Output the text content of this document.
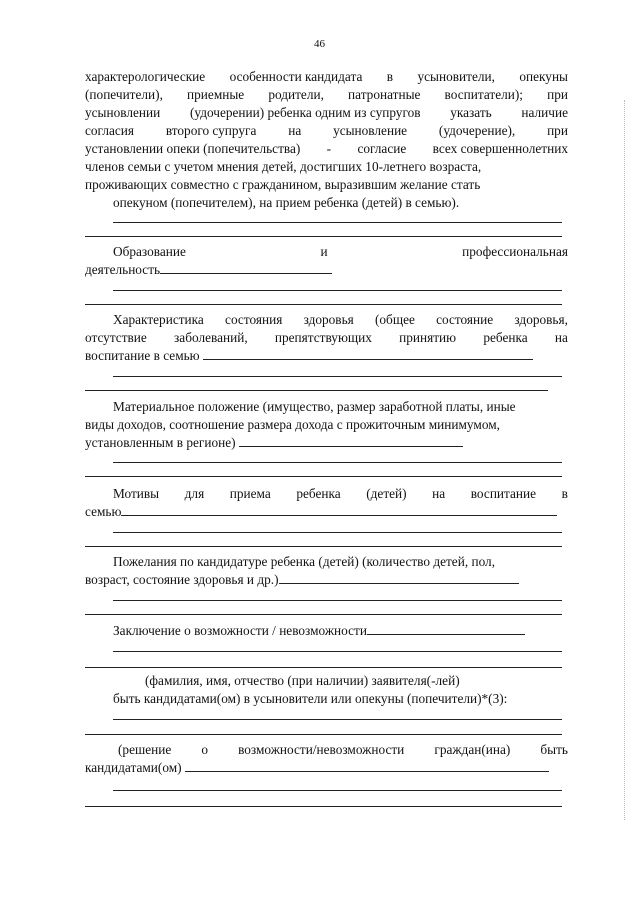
46
характерологические особенности кандидата в усыновители, опекуны
(попечители), приемные родители, патронатные воспитатели); при
усыновлении (удочерении) ребенка одним из супругов указать наличие
согласия второго супруга на усыновление (удочерение), при
установлении опеки (попечительства) - согласие всех совершеннолетних
членов семьи с учетом мнения детей, достигших 10-летнего возраста,
проживающих совместно с гражданином, выразившим желание стать
опекуном (попечителем), на прием ребенка (детей) в семью).
Образование	и	профессиональная
деятельность
Характеристика состояния здоровья (общее состояние здоровья,
отсутствие заболеваний, препятствующих принятию ребенка на
воспитание в семью
Материальное положение (имущество, размер заработной платы, иные
виды доходов, соотношение размера дохода с прожиточным минимумом,
установленным в регионе)
Мотивы для приема ребенка (детей) на воспитание в
семью
Пожелания по кандидатуре ребенка (детей) (количество детей, пол,
возраст, состояние здоровья и др.)
Заключение о возможности / невозможности
(фамилия, имя, отчество (при наличии) заявителя(-лей)
быть кандидатами(ом) в усыновители или опекуны (попечители)*(3):
(решение о возможности/невозможности граждан(ина) быть
кандидатами(ом)
